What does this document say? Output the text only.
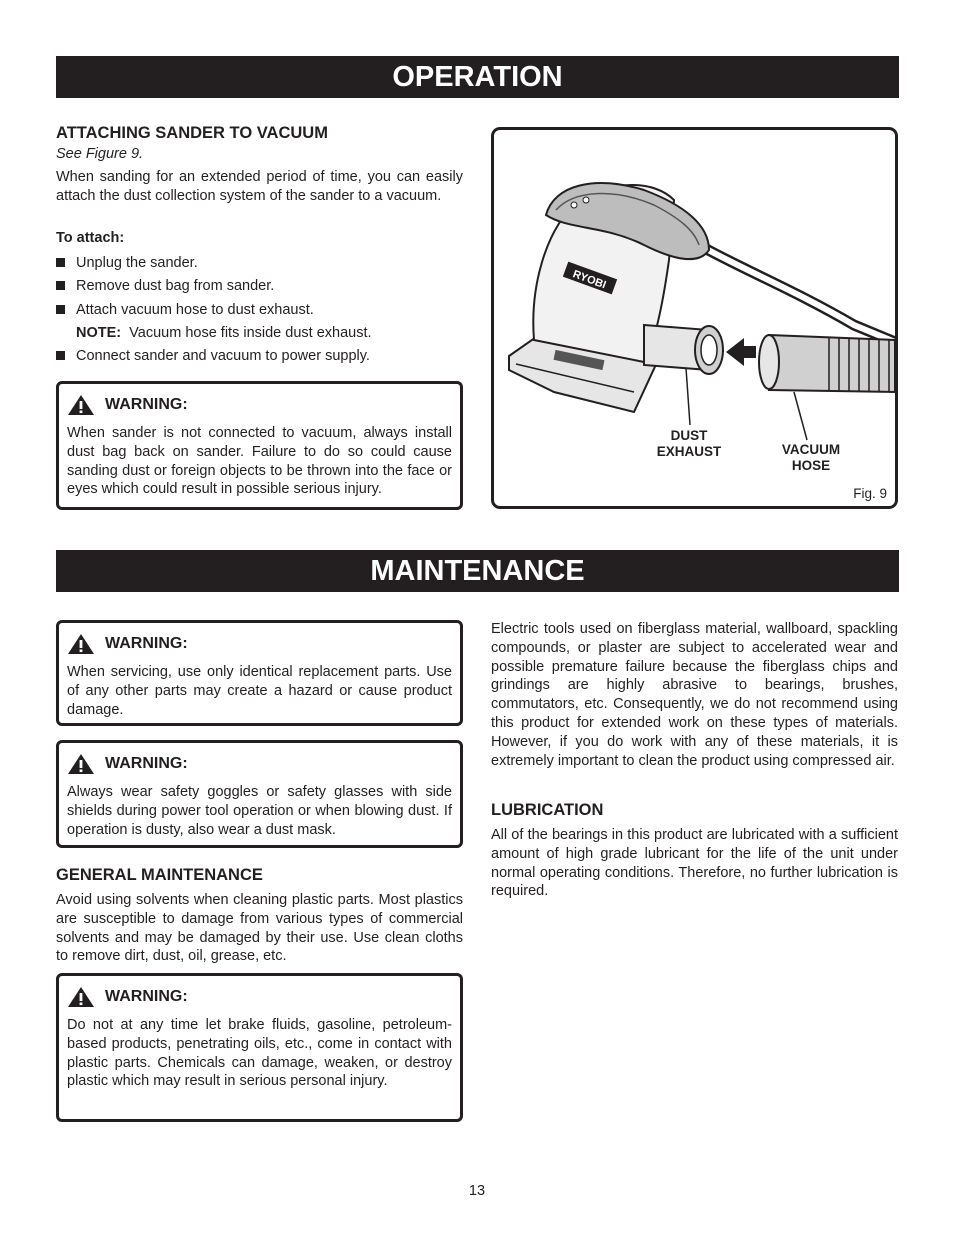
OPERATION
ATTACHING SANDER TO VACUUM

See Figure 9.

When sanding for an extended period of time, you can easily attach the dust collection system of the sander to a vacuum.

To attach:

Unplug the sander.
Remove dust bag from sander.
Attach vacuum hose to dust exhaust.
NOTE: Vacuum hose fits inside dust exhaust.
Connect sander and vacuum to power supply.
WARNING:
When sander is not connected to vacuum, always install dust bag back on sander. Failure to do so could cause sanding dust or foreign objects to be thrown into the face or eyes which could result in possible serious injury.
RYOBI
DUST
EXHAUST	VACUUM
HOSE
Fig. 9
MAINTENANCE
WARNING:
When servicing, use only identical replacement parts. Use of any other parts may create a hazard or cause product damage.
WARNING:
Always wear safety goggles or safety glasses with side shields during power tool operation or when blowing dust. If operation is dusty, also wear a dust mask.
GENERAL MAINTENANCE

Avoid using solvents when cleaning plastic parts. Most plastics are susceptible to damage from various types of commercial solvents and may be damaged by their use. Use clean cloths to remove dirt, dust, oil, grease, etc.

WARNING:
Do not at any time let brake fluids, gasoline, petroleum-based products, penetrating oils, etc., come in contact with plastic parts. Chemicals can damage, weaken, or destroy plastic which may result in serious personal injury.

Electric tools used on fiberglass material, wallboard, spackling compounds, or plaster are subject to accelerated wear and possible premature failure because the fiberglass chips and grindings are highly abrasive to bearings, brushes, commutators, etc. Consequently, we do not recommend using this product for extended work on these types of materials. However, if you do work with any of these materials, it is extremely important to clean the product using compressed air.

LUBRICATION

All of the bearings in this product are lubricated with a sufficient amount of high grade lubricant for the life of the unit under normal operating conditions. Therefore, no further lubrication is required.

13
